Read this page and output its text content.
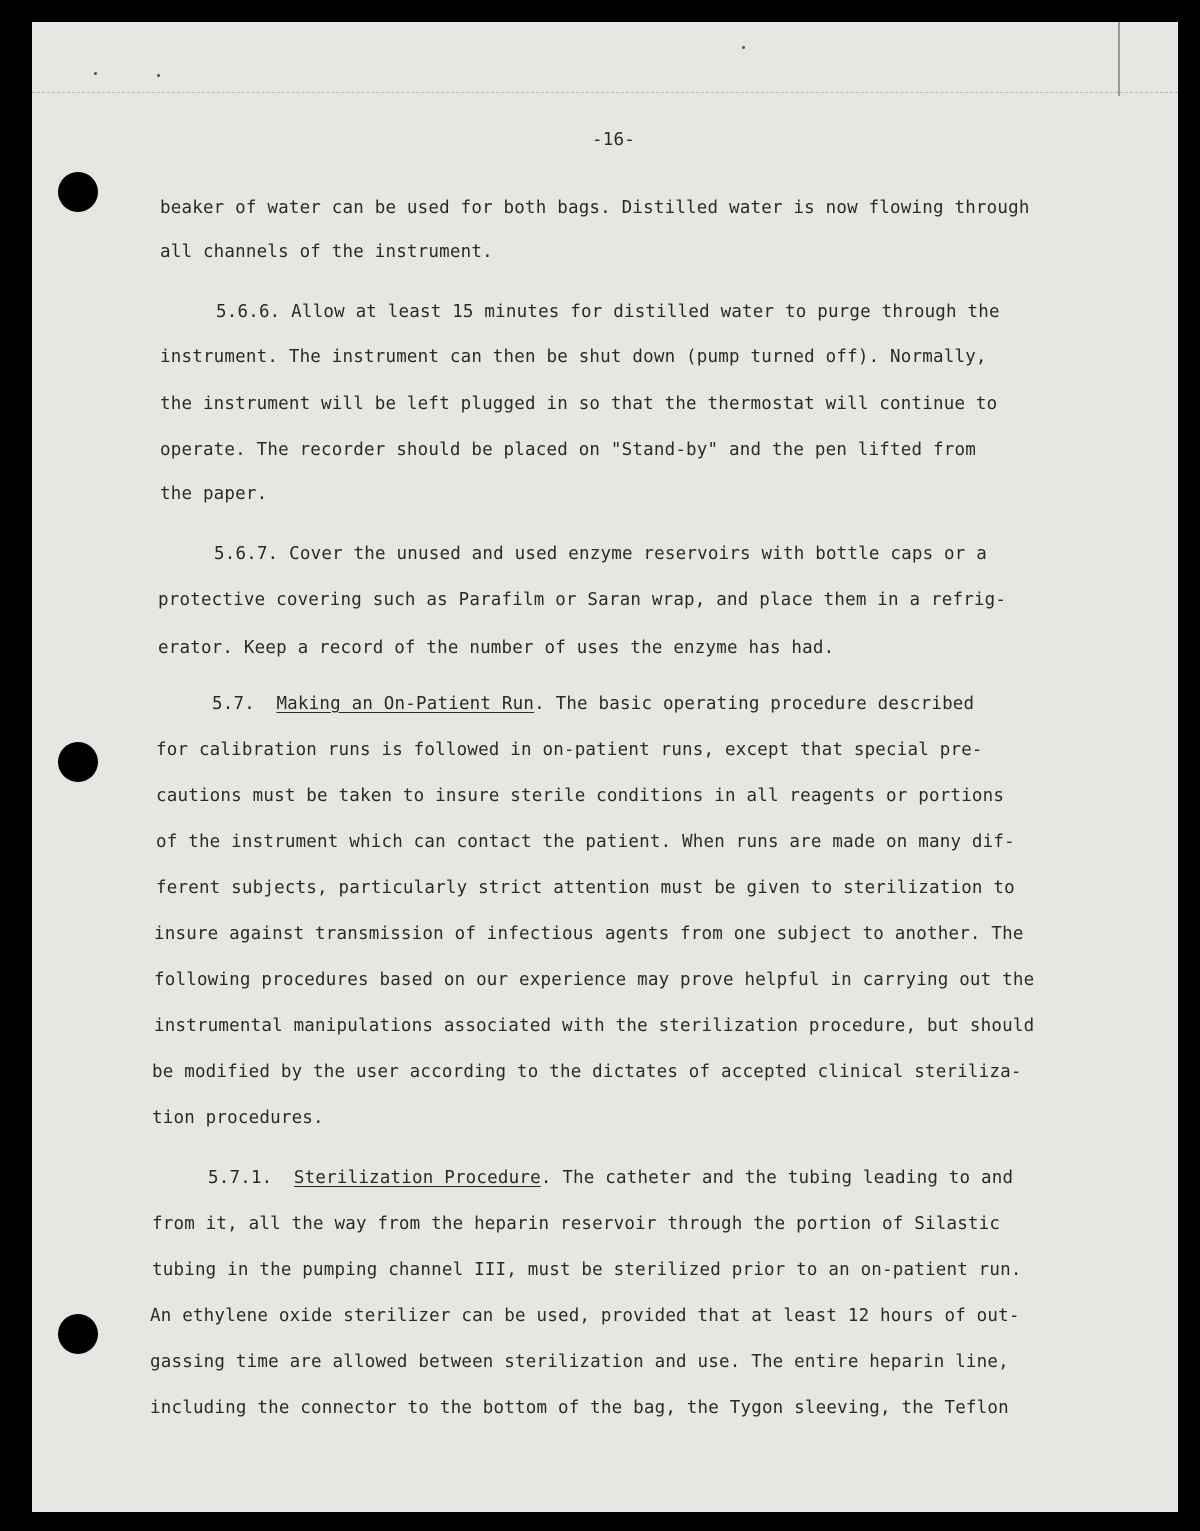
-16-
beaker of water can be used for both bags. Distilled water is now flowing through
all channels of the instrument.
5.6.6. Allow at least 15 minutes for distilled water to purge through the
instrument. The instrument can then be shut down (pump turned off). Normally,
the instrument will be left plugged in so that the thermostat will continue to
operate. The recorder should be placed on "Stand-by" and the pen lifted from
the paper.
5.6.7. Cover the unused and used enzyme reservoirs with bottle caps or a
protective covering such as Parafilm or Saran wrap, and place them in a refrig-
erator. Keep a record of the number of uses the enzyme has had.
5.7. Making an On-Patient Run. The basic operating procedure described
for calibration runs is followed in on-patient runs, except that special pre-
cautions must be taken to insure sterile conditions in all reagents or portions
of the instrument which can contact the patient. When runs are made on many dif-
ferent subjects, particularly strict attention must be given to sterilization to
insure against transmission of infectious agents from one subject to another. The
following procedures based on our experience may prove helpful in carrying out the
instrumental manipulations associated with the sterilization procedure, but should
be modified by the user according to the dictates of accepted clinical steriliza-
tion procedures.
5.7.1. Sterilization Procedure. The catheter and the tubing leading to and
from it, all the way from the heparin reservoir through the portion of Silastic
tubing in the pumping channel III, must be sterilized prior to an on-patient run.
An ethylene oxide sterilizer can be used, provided that at least 12 hours of out-
gassing time are allowed between sterilization and use. The entire heparin line,
including the connector to the bottom of the bag, the Tygon sleeving, the Teflon
